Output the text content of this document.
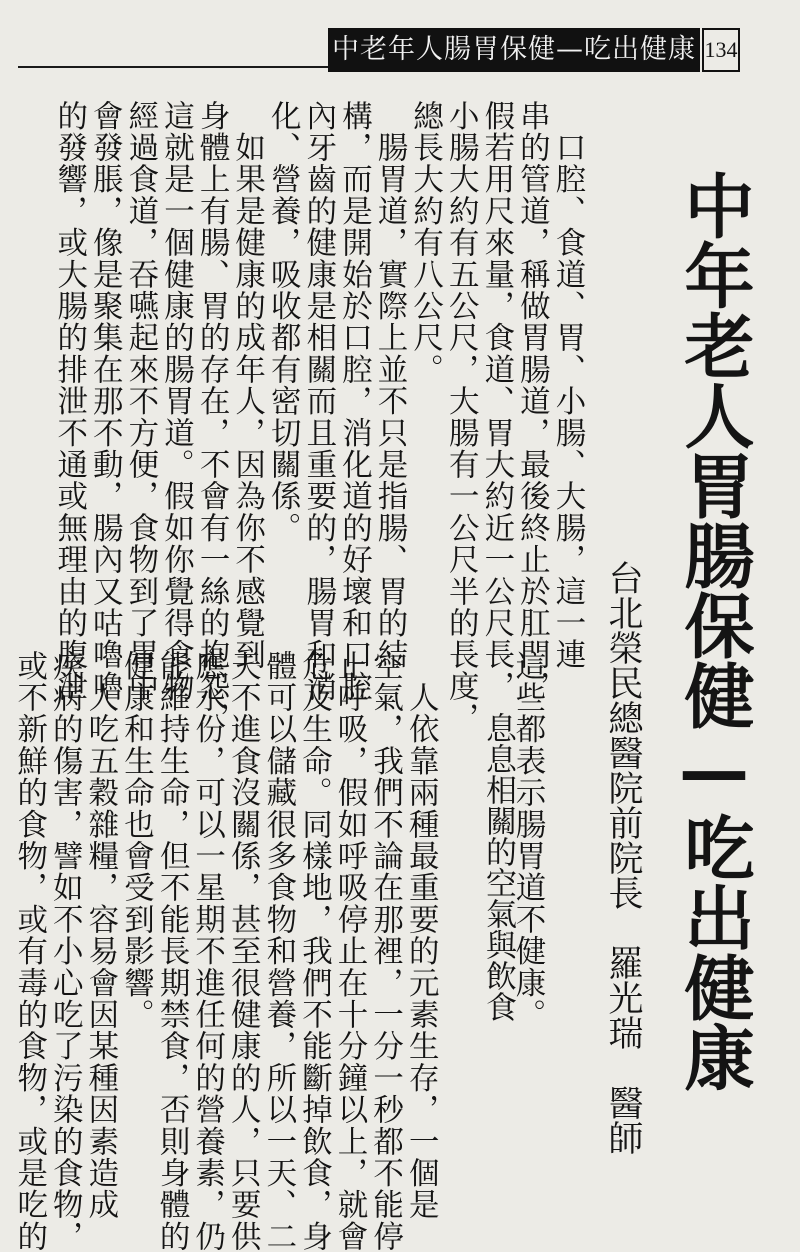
中老年人腸胃保健—吃出健康 134
中年老人胃腸保健—吃出健康
台北榮民總醫院前院長　羅光瑞　醫師
　口腔、食道、胃、小腸、大腸，這一連
串的管道，稱做胃腸道，最後終止於肛門，
假若用尺來量，食道、胃大約近一公尺長，
小腸大約有五公尺，大腸有一公尺半的長度，
總長大約有八公尺。
　腸胃道，實際上並不只是指腸、胃的結
構，而是開始於口腔，消化道的好壞和口腔
內牙齒的健康是相關而且重要的，腸胃和消
化、營養，吸收都有密切關係。
　如果是健康的成年人，因為你不感覺到
身體上有腸、胃的存在，不會有一絲的抱怨，
這就是一個健康的腸胃道。假如你覺得食物
經過食道，吞嚥起來不方便，食物到了胃中
會發脹，像是聚集在那不動，腸內又咕嚕嚕
的發響，或大腸的排泄不通或無理由的腹泄
這些都表示腸胃道不健康。

　人依靠兩種最重要的元素生存，一個是
空氣，我們不論在那裡，一分一秒都不能停
止呼吸，假如呼吸停止在十分鐘以上，就會
危及生命。同樣地，我們不能斷掉飲食，身
體可以儲藏很多食物和營養，所以一天、二
天不進食沒關係，甚至很健康的人，只要供
應水份，可以一星期不進任何的營養素，仍
能維持生命，但不能長期禁食，否則身體的
健康和生命也會受到影響。
　人吃五穀雜糧，容易會因某種因素造成
疾病的傷害，譬如不小心吃了污染的食物，
或不新鮮的食物，或有毒的食物，或是吃的	息息相關的空氣與飲食
